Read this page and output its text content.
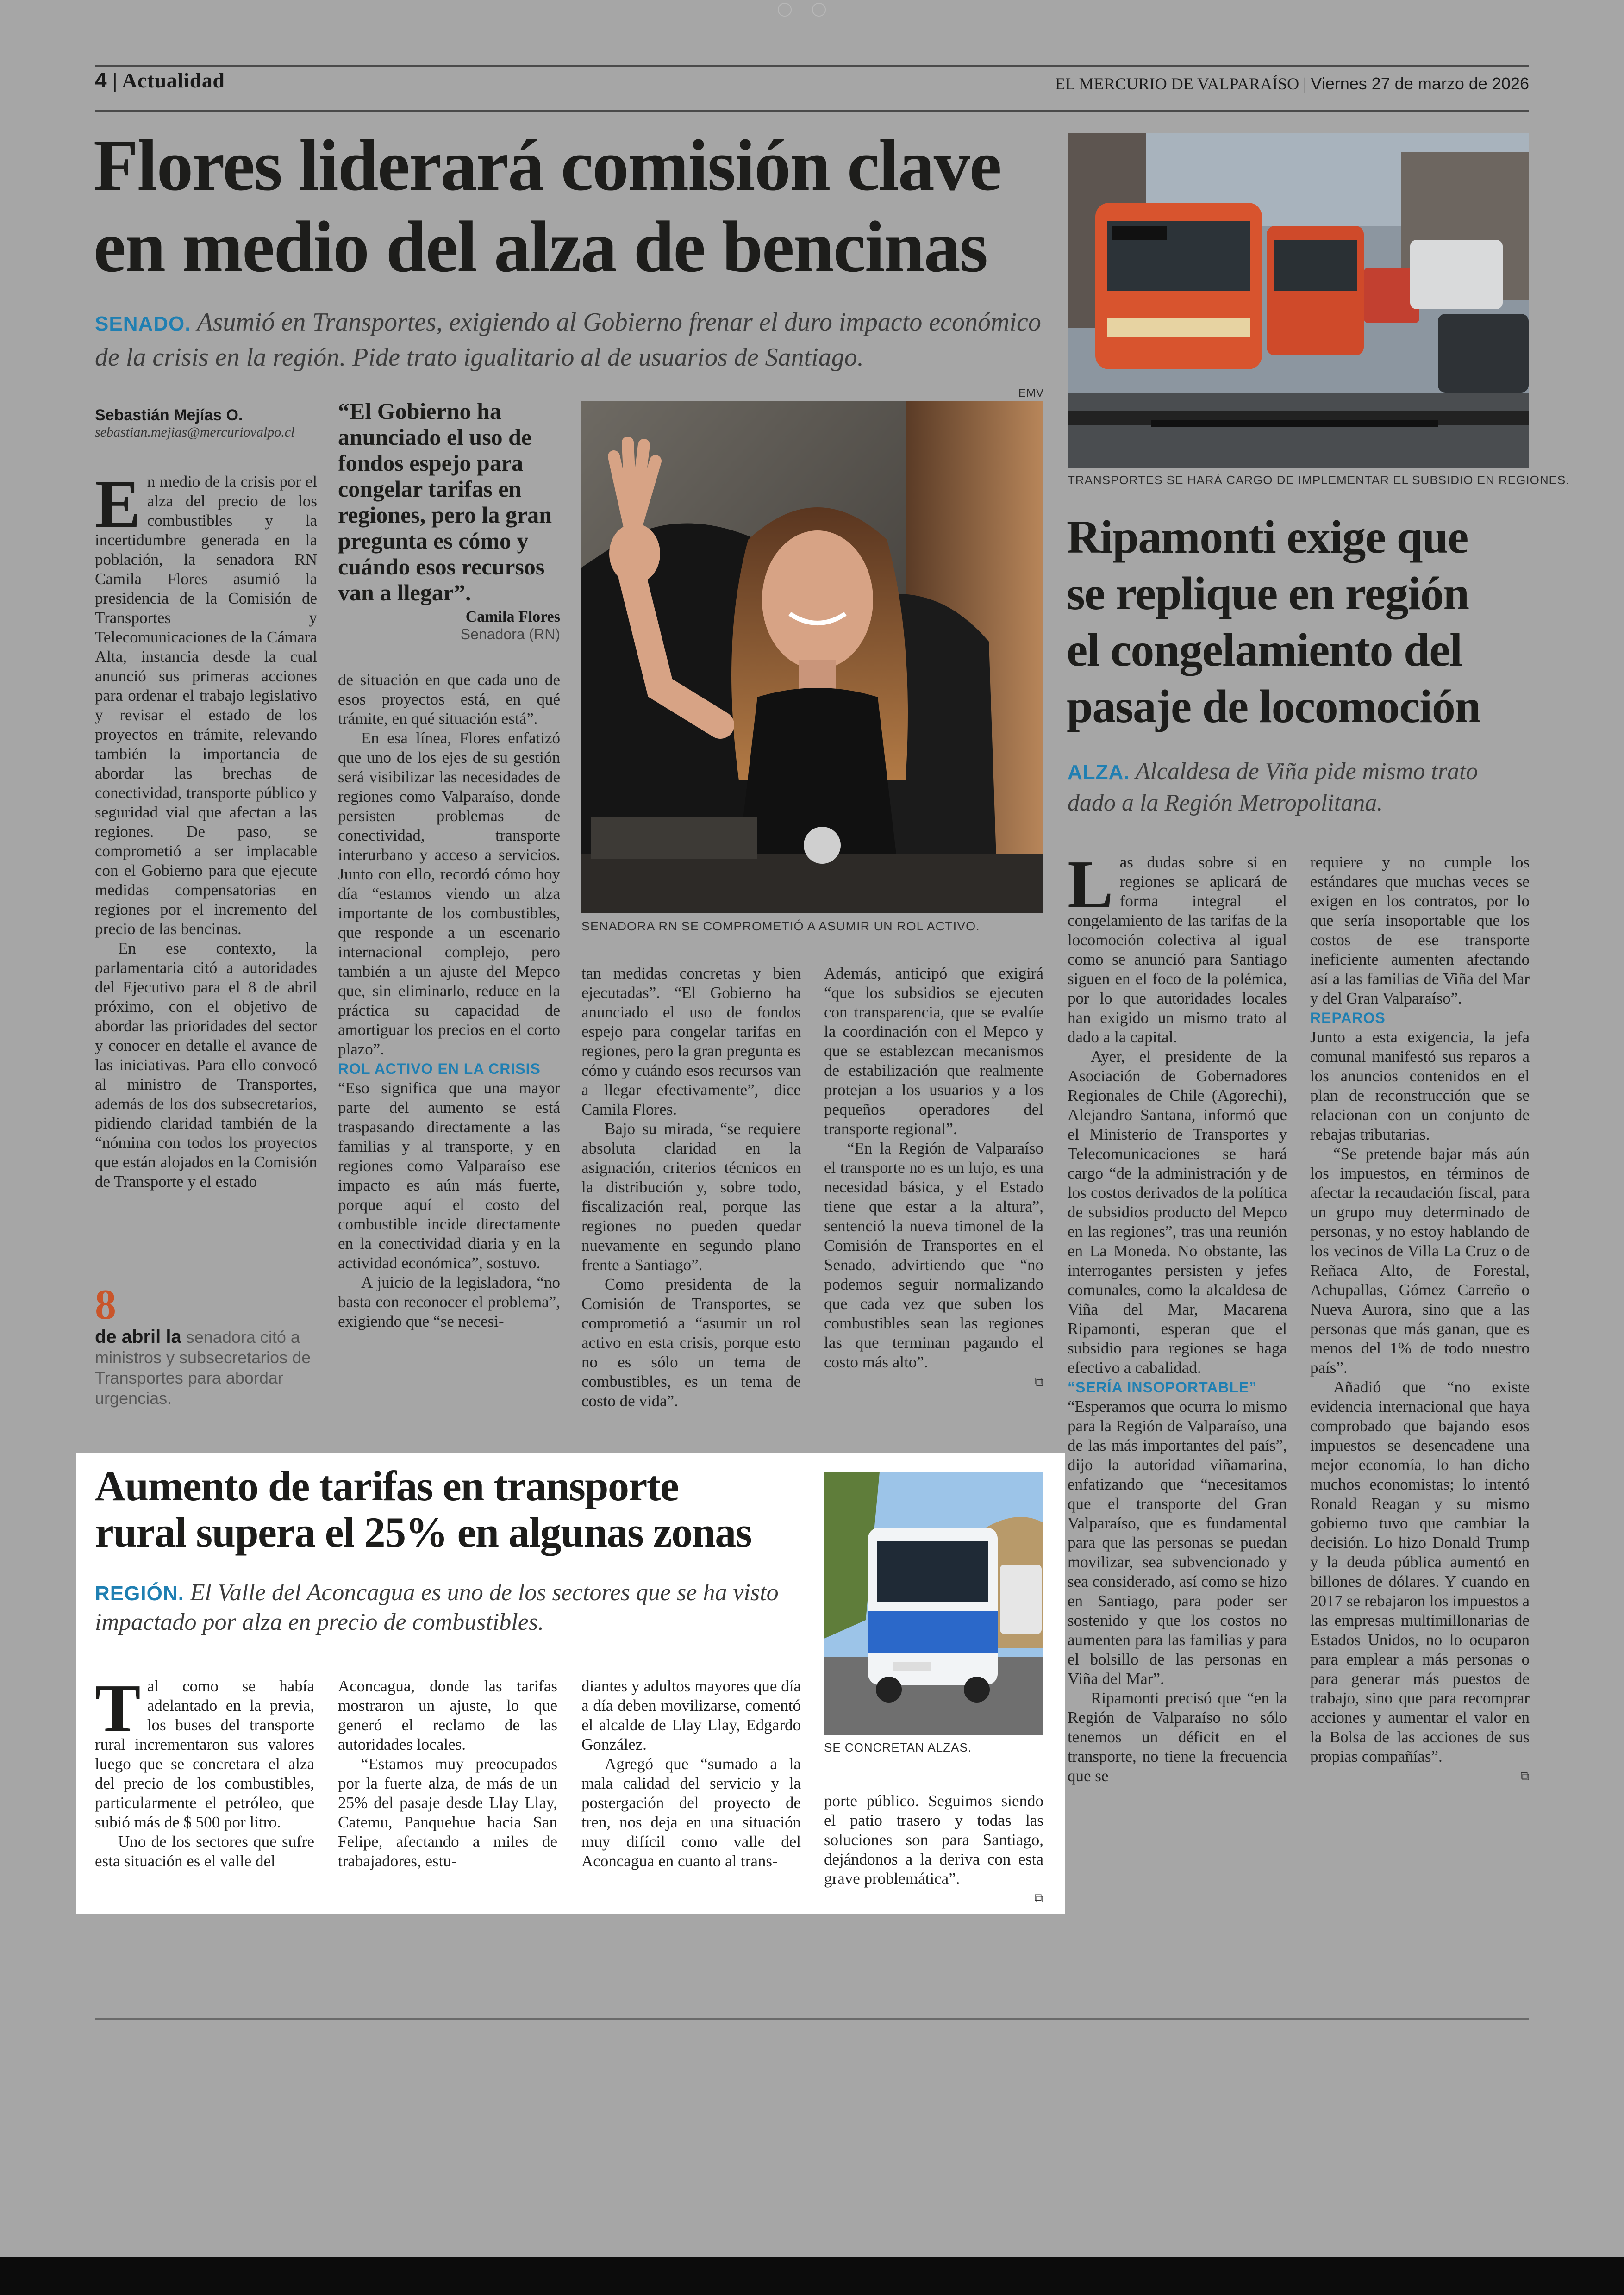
4 | Actualidad	EL MERCURIO DE VALPARAÍSO | Viernes 27 de marzo de 2026
Flores liderará comisión clave
en medio del alza de bencinas
SENADO. Asumió en Transportes, exigiendo al Gobierno frenar el duro impacto económico de la crisis en la región. Pide trato igualitario al de usuarios de Santiago.
Sebastián Mejías O.
sebastian.mejias@mercuriovalpo.cl

En medio de la crisis por el alza del precio de los combustibles y la incertidumbre generada en la población, la senadora RN Camila Flores asumió la presidencia de la Comisión de Transportes y Telecomunicaciones de la Cámara Alta, instancia desde la cual anunció sus primeras acciones para ordenar el trabajo legislativo y revisar el estado de los proyectos en trámite, relevando también la importancia de abordar las brechas de conectividad, transporte público y seguridad vial que afectan a las regiones. De paso, se comprometió a ser implacable con el Gobierno para que ejecute medidas compensatorias en regiones por el incremento del precio de las bencinas.

En ese contexto, la parlamentaria citó a autoridades del Ejecutivo para el 8 de abril próximo, con el objetivo de abordar las prioridades del sector y conocer en detalle el avance de las iniciativas. Para ello convocó al ministro de Transportes, además de los dos subsecretarios, pidiendo claridad también de la “nómina con todos los proyectos que están alojados en la Comisión de Transporte y el estado

8
de abril la senadora citó a ministros y subsecretarios de Transportes para abordar urgencias.
“El Gobierno ha anunciado el uso de fondos espejo para congelar tarifas en regiones, pero la gran pregunta es cómo y cuándo esos recursos van a llegar”.
Camila Flores
Senadora (RN)

de situación en que cada uno de esos proyectos está, en qué trámite, en qué situación está”.

En esa línea, Flores enfatizó que uno de los ejes de su gestión será visibilizar las necesidades de regiones como Valparaíso, donde persisten problemas de conectividad, transporte interurbano y acceso a servicios. Junto con ello, recordó cómo hoy día “estamos viendo un alza importante de los combustibles, que responde a un escenario internacional complejo, pero también a un ajuste del Mepco que, sin eliminarlo, reduce en la práctica su capacidad de amortiguar los precios en el corto plazo”.

ROL ACTIVO EN LA CRISIS

“Eso significa que una mayor parte del aumento se está traspasando directamente a las familias y al transporte, y en regiones como Valparaíso ese impacto es aún más fuerte, porque aquí el costo del combustible incide directamente en la conectividad diaria y en la actividad económica”, sostuvo.

A juicio de la legisladora, “no basta con reconocer el problema”, exigiendo que “se necesi-

EMV
SENADORA RN SE COMPROMETIÓ A ASUMIR UN ROL ACTIVO.

tan medidas concretas y bien ejecutadas”. “El Gobierno ha anunciado el uso de fondos espejo para congelar tarifas en regiones, pero la gran pregunta es cómo y cuándo esos recursos van a llegar efectivamente”, dice Camila Flores.

Bajo su mirada, “se requiere absoluta claridad en la asignación, criterios técnicos en la distribución y, sobre todo, fiscalización real, porque las regiones no pueden quedar nuevamente en segundo plano frente a Santiago”.

Como presidenta de la Comisión de Transportes, se comprometió a “asumir un rol activo en esta crisis, porque esto no es sólo un tema de combustibles, es un tema de costo de vida”.

Además, anticipó que exigirá “que los subsidios se ejecuten con transparencia, que se evalúe la coordinación con el Mepco y que se establezcan mecanismos de estabilización que realmente protejan a los usuarios y a los pequeños operadores del transporte regional”.

“En la Región de Valparaíso el transporte no es un lujo, es una necesidad básica, y el Estado tiene que estar a la altura”, sentenció la nueva timonel de la Comisión de Transportes en el Senado, advirtiendo que “no podemos seguir normalizando que cada vez que suben los combustibles sean las regiones las que terminan pagando el costo más alto”.

⧉
TRANSPORTES SE HARÁ CARGO DE IMPLEMENTAR EL SUBSIDIO EN REGIONES.
Ripamonti exige que
se replique en región
el congelamiento del
pasaje de locomoción
ALZA. Alcaldesa de Viña pide mismo trato dado a la Región Metropolitana.

Las dudas sobre si en regiones se aplicará de forma integral el congelamiento de las tarifas de la locomoción colectiva al igual como se anunció para Santiago siguen en el foco de la polémica, por lo que autoridades locales han exigido un mismo trato al dado a la capital.

Ayer, el presidente de la Asociación de Gobernadores Regionales de Chile (Agorechi), Alejandro Santana, informó que el Ministerio de Transportes y Telecomunicaciones se hará cargo “de la administración y de los costos derivados de la política de subsidios producto del Mepco en las regiones”, tras una reunión en La Moneda. No obstante, las interrogantes persisten y jefes comunales, como la alcaldesa de Viña del Mar, Macarena Ripamonti, esperan que el subsidio para regiones se haga efectivo a cabalidad.

“SERÍA INSOPORTABLE”

“Esperamos que ocurra lo mismo para la Región de Valparaíso, una de las más importantes del país”, dijo la autoridad viñamarina, enfatizando que “necesitamos que el transporte del Gran Valparaíso, que es fundamental para que las personas se puedan movilizar, sea subvencionado y sea considerado, así como se hizo en Santiago, para poder ser sostenido y que los costos no aumenten para las familias y para el bolsillo de las personas en Viña del Mar”.

Ripamonti precisó que “en la Región de Valparaíso no sólo tenemos un déficit en el transporte, no tiene la frecuencia que se

requiere y no cumple los estándares que muchas veces se exigen en los contratos, por lo que sería insoportable que los costos de ese transporte ineficiente aumenten afectando así a las familias de Viña del Mar y del Gran Valparaíso”.

REPAROS

Junto a esta exigencia, la jefa comunal manifestó sus reparos a los anuncios contenidos en el plan de reconstrucción que se relacionan con un conjunto de rebajas tributarias.

“Se pretende bajar más aún los impuestos, en términos de afectar la recaudación fiscal, para un grupo muy determinado de personas, y no estoy hablando de los vecinos de Villa La Cruz o de Reñaca Alto, de Forestal, Achupallas, Gómez Carreño o Nueva Aurora, sino que a las personas que más ganan, que es menos del 1% de todo nuestro país”.

Añadió que “no existe evidencia internacional que haya comprobado que bajando esos impuestos se desencadene una mejor economía, lo han dicho muchos economistas; lo intentó Ronald Reagan y su mismo gobierno tuvo que cambiar la decisión. Lo hizo Donald Trump y la deuda pública aumentó en billones de dólares. Y cuando en 2017 se rebajaron los impuestos a las empresas multimillonarias de Estados Unidos, no lo ocuparon para emplear a más personas o para generar más puestos de trabajo, sino que para recomprar acciones y aumentar el valor en la Bolsa de las acciones de sus propias compañías”.

⧉
Aumento de tarifas en transporte
rural supera el 25% en algunas zonas
REGIÓN. El Valle del Aconcagua es uno de los sectores que se ha visto impactado por alza en precio de combustibles.
SE CONCRETAN ALZAS.

Tal como se había adelantado en la previa, los buses del transporte rural incrementaron sus valores luego que se concretara el alza del precio de los combustibles, particularmente el petróleo, que subió más de $ 500 por litro.

Uno de los sectores que sufre esta situación es el valle del

Aconcagua, donde las tarifas mostraron un ajuste, lo que generó el reclamo de las autoridades locales.

“Estamos muy preocupados por la fuerte alza, de más de un 25% del pasaje desde Llay Llay, Catemu, Panquehue hacia San Felipe, afectando a miles de trabajadores, estu-

diantes y adultos mayores que día a día deben movilizarse, comentó el alcalde de Llay Llay, Edgardo González.

Agregó que “sumado a la mala calidad del servicio y la postergación del proyecto de tren, nos deja en una situación muy difícil como valle del Aconcagua en cuanto al trans-

porte público. Seguimos siendo el patio trasero y todas las soluciones son para Santiago, dejándonos a la deriva con esta grave problemática”.

⧉
